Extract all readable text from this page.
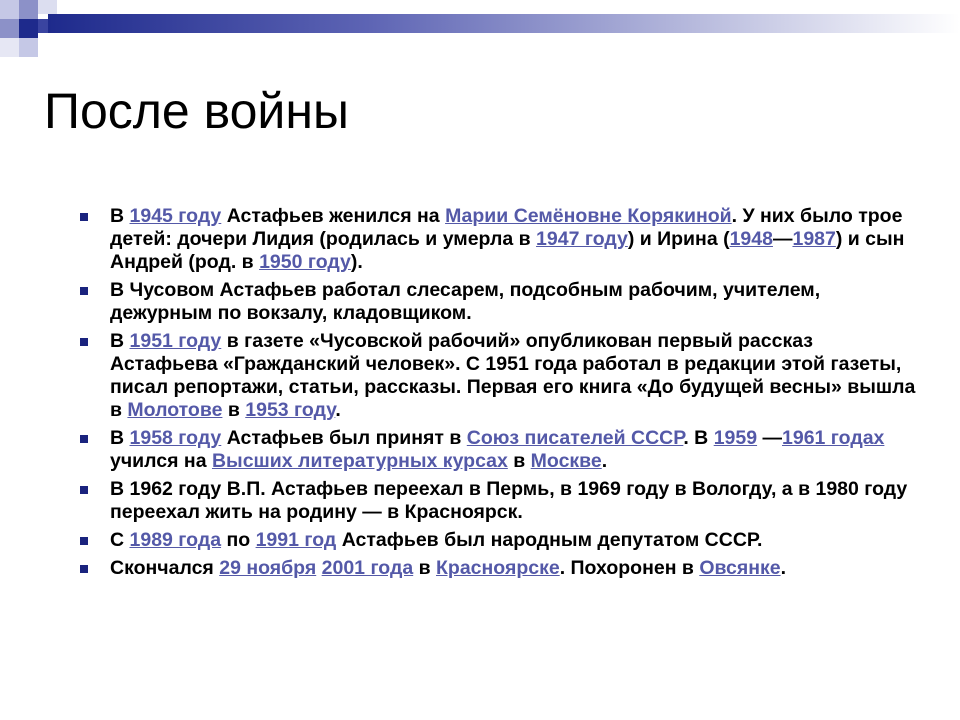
После войны
В 1945 году Астафьев женился на Марии Семёновне Корякиной. У них было трое детей: дочери Лидия (родилась и умерла в 1947 году) и Ирина (1948—1987) и сын Андрей (род. в 1950 году).
В Чусовом Астафьев работал слесарем, подсобным рабочим, учителем, дежурным по вокзалу, кладовщиком.
В 1951 году в газете «Чусовской рабочий» опубликован первый рассказ Астафьева «Гражданский человек». С 1951 года работал в редакции этой газеты, писал репортажи, статьи, рассказы. Первая его книга «До будущей весны» вышла в Молотове в 1953 году.
В 1958 году Астафьев был принят в Союз писателей СССР. В 1959 —1961 годах учился на Высших литературных курсах в Москве.
В 1962 году В.П. Астафьев переехал в Пермь, в 1969 году в Вологду, а в 1980 году переехал жить на родину — в Красноярск.
С 1989 года по 1991 год Астафьев был народным депутатом СССР.
Скончался 29 ноября 2001 года в Красноярске. Похоронен в Овсянке.
